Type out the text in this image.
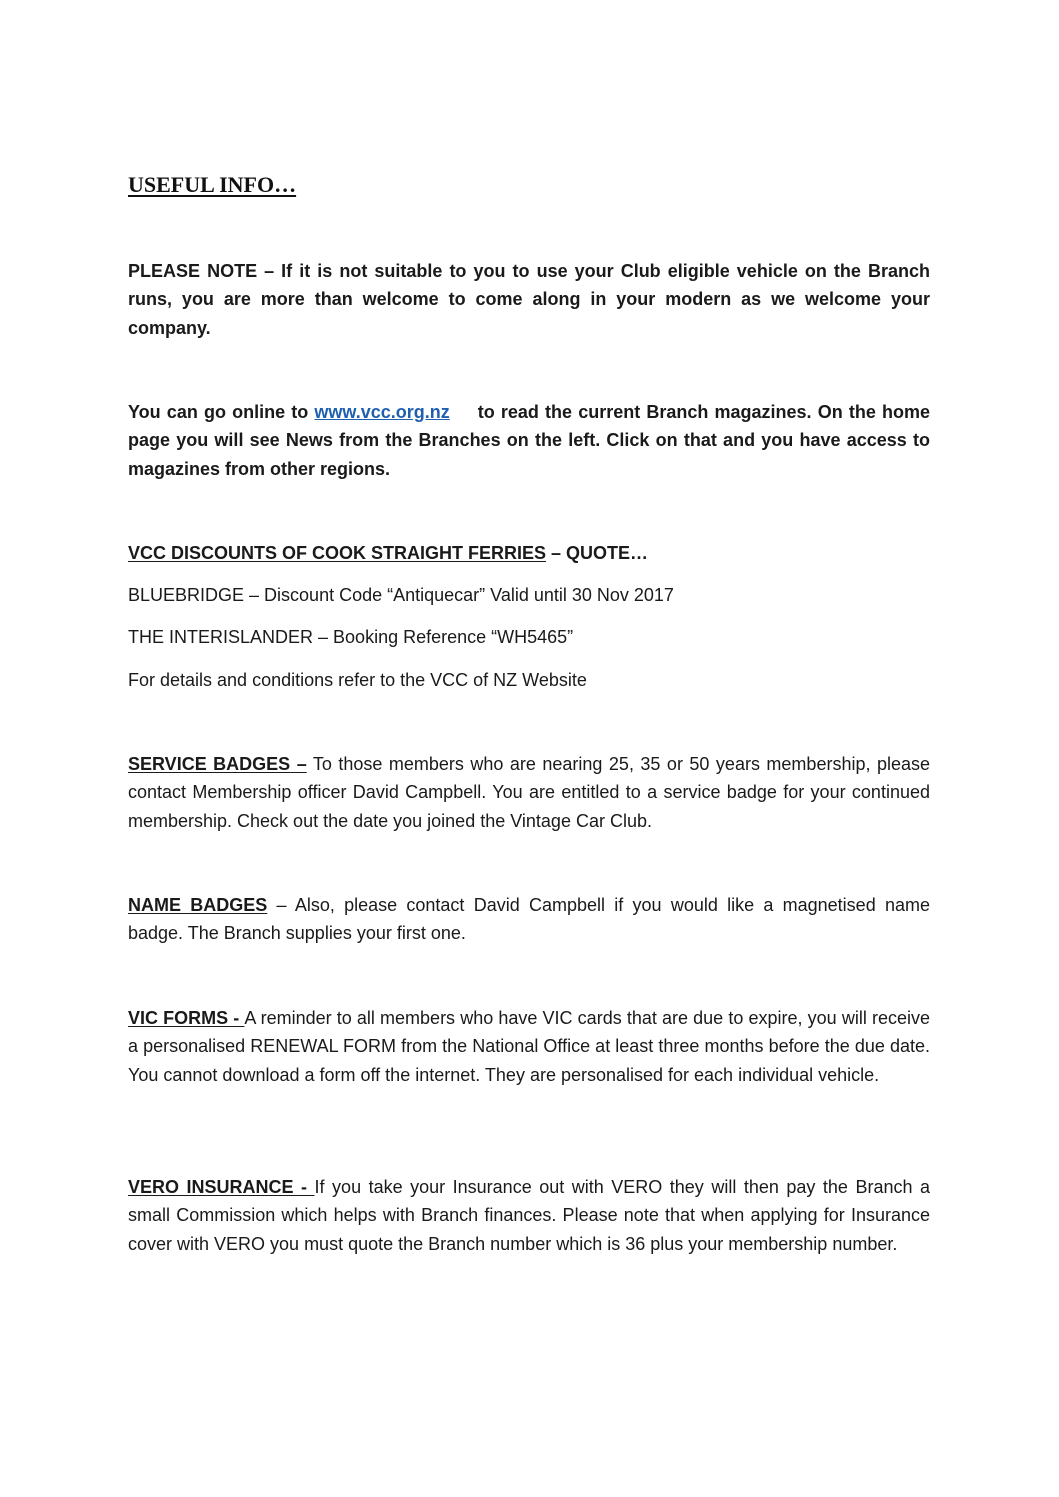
USEFUL INFO…

PLEASE NOTE – If it is not suitable to you to use your Club eligible vehicle on the Branch runs, you are more than welcome to come along in your modern as we welcome your company.

You can go online to www.vcc.org.nz to read the current Branch magazines. On the home page you will see News from the Branches on the left. Click on that and you have access to magazines from other regions.

VCC DISCOUNTS OF COOK STRAIGHT FERRIES – QUOTE…

BLUEBRIDGE – Discount Code “Antiquecar” Valid until 30 Nov 2017

THE INTERISLANDER – Booking Reference “WH5465”

For details and conditions refer to the VCC of NZ Website

SERVICE BADGES – To those members who are nearing 25, 35 or 50 years membership, please contact Membership officer David Campbell. You are entitled to a service badge for your continued membership. Check out the date you joined the Vintage Car Club.

NAME BADGES – Also, please contact David Campbell if you would like a magnetised name badge. The Branch supplies your first one.

VIC FORMS - A reminder to all members who have VIC cards that are due to expire, you will receive a personalised RENEWAL FORM from the National Office at least three months before the due date. You cannot download a form off the internet. They are personalised for each individual vehicle.

VERO INSURANCE - If you take your Insurance out with VERO they will then pay the Branch a small Commission which helps with Branch finances. Please note that when applying for Insurance cover with VERO you must quote the Branch number which is 36 plus your membership number.
